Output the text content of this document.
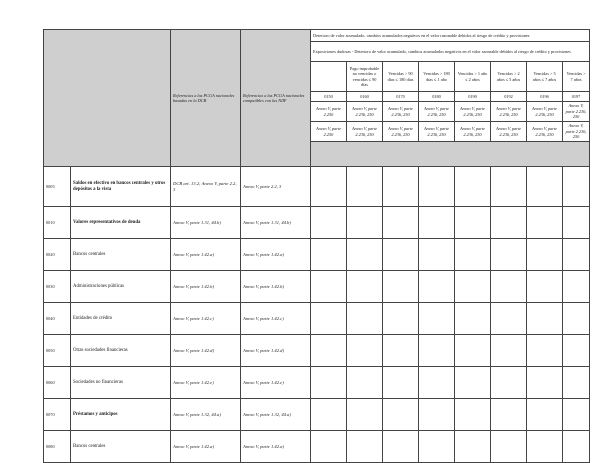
		Referencias a las PCGA nacionales basadas en la DCB	Referencias a las PCGA nacionales compatibles con las NIIF	Deterioro de valor acumulado, cambios acumulados negativos en el valor razonable debidos al riesgo de crédito y provisiones							
				Exposiciones dudosas - Deterioro de valor acumulado, cambios acumulados negativos en el valor razonable debidos al riesgo de crédito y provisiones							
					Pago improbable no vencidas o vencidas ≤ 90 días	Vencidas > 90 días ≤ 180 días	Vencidas > 180 días ≤ 1 año	Vencidas > 1 año ≤ 2 años	Vencidas > 2 años ≤ 5 años	Vencidas > 5 años ≤ 7 años	Vencidas > 7 años
				0150	0160	0170	0180	0190	0192	0196	0197
				Anexo V, parte 2.250	Anexo V, parte 2.236, 250	Anexo V, parte 2.236, 250	Anexo V, parte 2.236, 250	Anexo V, parte 2.236, 250	Anexo V, parte 2.236, 250	Anexo V, parte 2.236, 250	Anexo V, parte 2.236, 250
				Anexo V, parte 2.250	Anexo V, parte 2.236, 250	Anexo V, parte 2.236, 250	Anexo V, parte 2.236, 250	Anexo V, parte 2.236, 250	Anexo V, parte 2.236, 250	Anexo V, parte 2.236, 250	Anexo V, parte 2.236, 250

0005	Saldos en efectivo en bancos centrales y otros depósitos a la vista	DCB art. 13.2; Anexo V, parte 2.2, 3	Anexo V, parte 2.2, 3								
0010	Valores representativos de deuda	Anexo V, parte 1.31, 44.b)	Anexo V, parte 1.31, 44.b)								
0020	Bancos centrales	Anexo V, parte 1.42.a)	Anexo V, parte 1.42.a)								
0030	Administraciones públicas	Anexo V, parte 1.42.b)	Anexo V, parte 1.42.b)								
0040	Entidades de crédito	Anexo V, parte 1.42.c)	Anexo V, parte 1.42.c)								
0050	Otras sociedades financieras	Anexo V, parte 1.42.d)	Anexo V, parte 1.42.d)								
0060	Sociedades no financieras	Anexo V, parte 1.42.e)	Anexo V, parte 1.42.e)								
0070	Préstamos y anticipos	Anexo V, parte 1.32, 44.a)	Anexo V, parte 1.32, 44.a)								
0080	Bancos centrales	Anexo V, parte 1.42.a)	Anexo V, parte 1.42.a)								
